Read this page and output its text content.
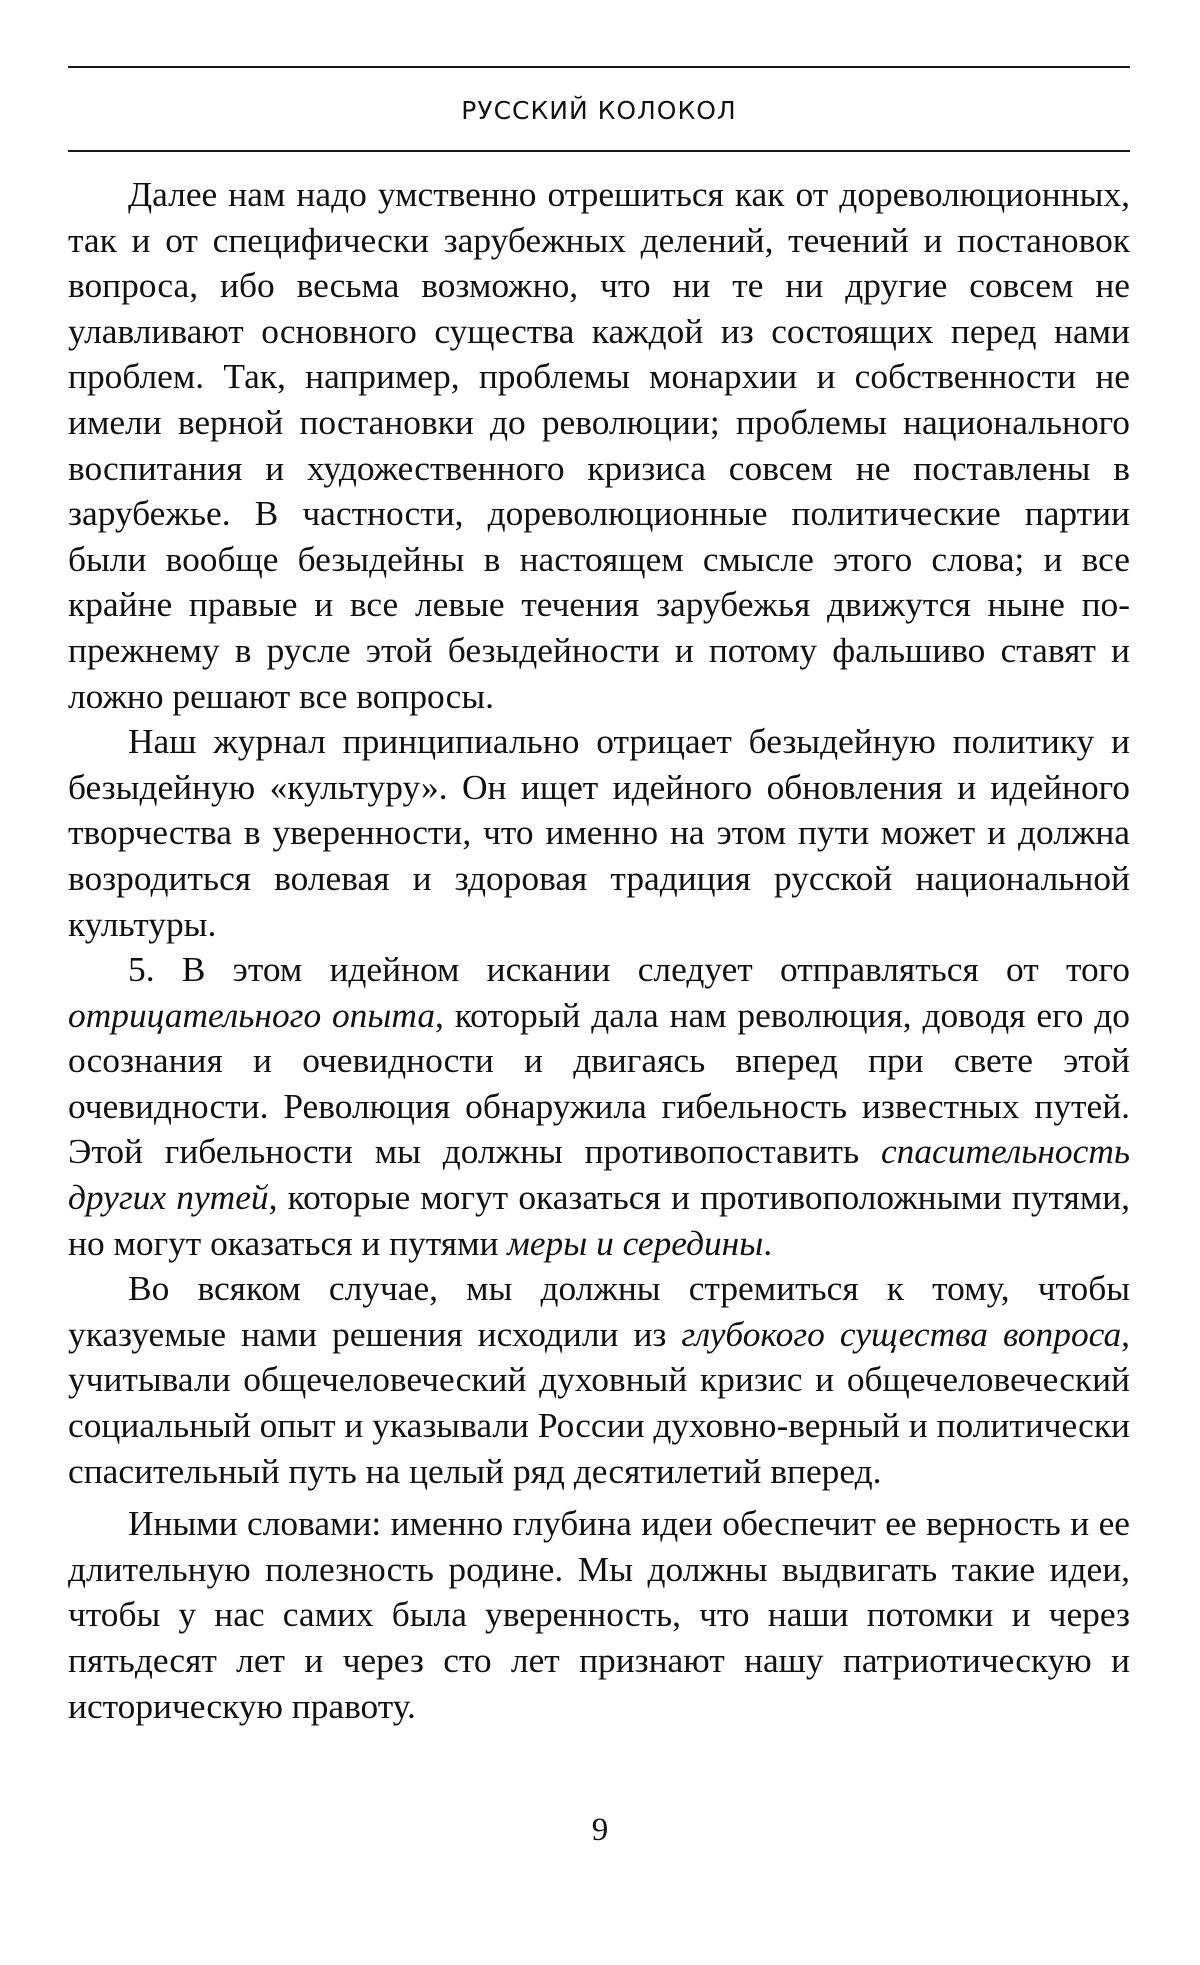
РУССКИЙ КОЛОКОЛ

Далее нам надо умственно отрешиться как от дореволюционных, так и от специфически зарубежных делений, течений и постановок вопроса, ибо весьма возможно, что ни те ни другие совсем не улавливают основного существа каждой из состоящих перед нами проблем. Так, например, проблемы монархии и собственности не имели верной постановки до революции; проблемы национального воспитания и художественного кризиса совсем не поставлены в зарубежье. В частности, дореволюционные политические партии были вообще безыдейны в настоящем смысле этого слова; и все крайне правые и все левые течения зарубежья движутся ныне по-прежнему в русле этой безыдейности и потому фальшиво ставят и ложно решают все вопросы.

Наш журнал принципиально отрицает безыдейную политику и безыдейную «культуру». Он ищет идейного обновления и идейного творчества в уверенности, что именно на этом пути может и должна возродиться волевая и здоровая традиция русской национальной культуры.

5. В этом идейном искании следует отправляться от того отрицательного опыта, который дала нам революция, доводя его до осознания и очевидности и двигаясь вперед при свете этой очевидности. Революция обнаружила гибельность известных путей. Этой гибельности мы должны противопоставить спасительность других путей, которые могут оказаться и противоположными путями, но могут оказаться и путями меры и середины.

Во всяком случае, мы должны стремиться к тому, чтобы указуемые нами решения исходили из глубокого существа вопроса, учитывали общечеловеческий духовный кризис и общечеловеческий социальный опыт и указывали России духовно-верный и политически спасительный путь на целый ряд десятилетий вперед.

Иными словами: именно глубина идеи обеспечит ее верность и ее длительную полезность родине. Мы должны выдвигать такие идеи, чтобы у нас самих была уверенность, что наши потомки и через пятьдесят лет и через сто лет признают нашу патриотическую и историческую правоту.

9
